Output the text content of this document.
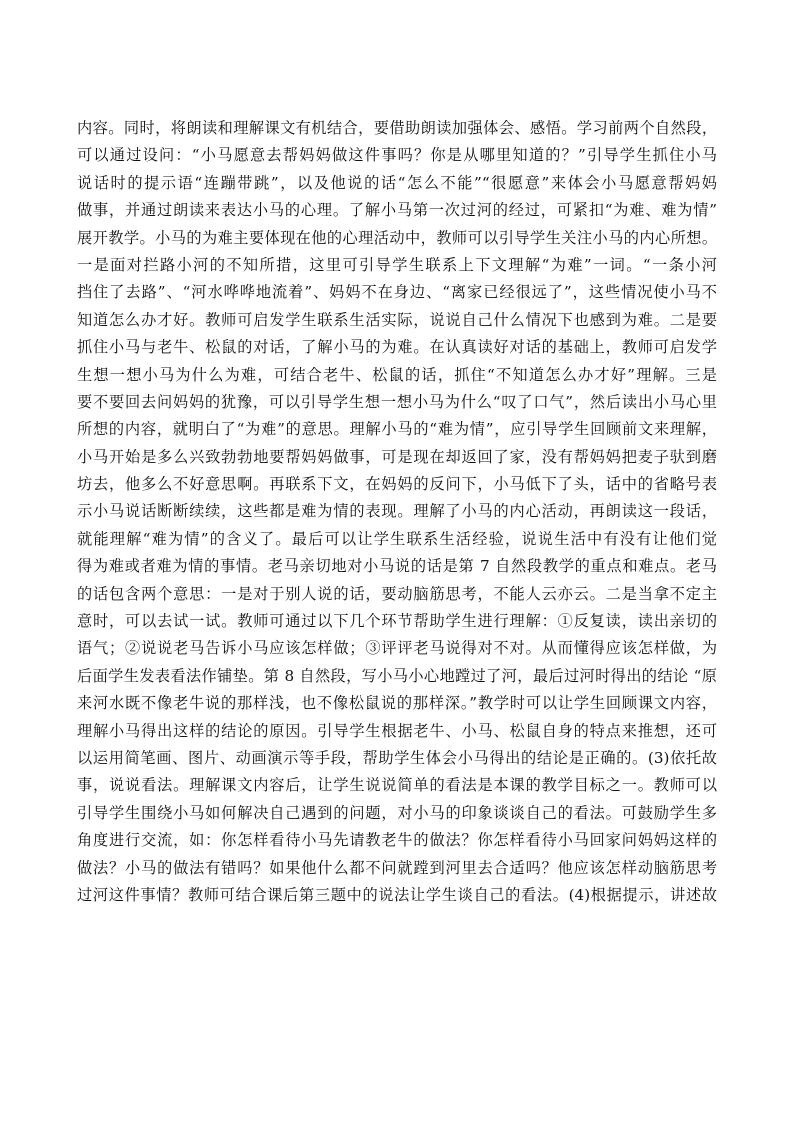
内容。同时，将朗读和理解课文有机结合，要借助朗读加强体会、感悟。学习前两个自然段，
可以通过设问：“小马愿意去帮妈妈做这件事吗？你是从哪里知道的？”引导学生抓住小马
说话时的提示语“连蹦带跳”，以及他说的话“怎么不能”“很愿意”来体会小马愿意帮妈妈
做事，并通过朗读来表达小马的心理。了解小马第一次过河的经过，可紧扣“为难、难为情”
展开教学。小马的为难主要体现在他的心理活动中，教师可以引导学生关注小马的内心所想。
一是面对拦路小河的不知所措，这里可引导学生联系上下文理解“为难”一词。“一条小河
挡住了去路”、“河水哗哗地流着”、妈妈不在身边、“离家已经很远了”，这些情况使小马不
知道怎么办才好。教师可启发学生联系生活实际，说说自己什么情况下也感到为难。二是要
抓住小马与老牛、松鼠的对话，了解小马的为难。在认真读好对话的基础上，教师可启发学
生想一想小马为什么为难，可结合老牛、松鼠的话，抓住“不知道怎么办才好”理解。三是
要不要回去问妈妈的犹豫，可以引导学生想一想小马为什么“叹了口气”，然后读出小马心里
所想的内容，就明白了“为难”的意思。理解小马的“难为情”，应引导学生回顾前文来理解，
小马开始是多么兴致勃勃地要帮妈妈做事，可是现在却返回了家，没有帮妈妈把麦子驮到磨
坊去，他多么不好意思啊。再联系下文，在妈妈的反问下，小马低下了头，话中的省略号表
示小马说话断断续续，这些都是难为情的表现。理解了小马的内心活动，再朗读这一段话，
就能理解“难为情”的含义了。最后可以让学生联系生活经验，说说生活中有没有让他们觉
得为难或者难为情的事情。老马亲切地对小马说的话是第 7 自然段教学的重点和难点。老马
的话包含两个意思：一是对于别人说的话，要动脑筋思考，不能人云亦云。二是当拿不定主
意时，可以去试一试。教师可通过以下几个环节帮助学生进行理解：①反复读，读出亲切的
语气；②说说老马告诉小马应该怎样做；③评评老马说得对不对。从而懂得应该怎样做，为
后面学生发表看法作铺垫。第 8 自然段，写小马小心地蹚过了河，最后过河时得出的结论 “原
来河水既不像老牛说的那样浅，也不像松鼠说的那样深。”教学时可以让学生回顾课文内容，
理解小马得出这样的结论的原因。引导学生根据老牛、小马、松鼠自身的特点来推想，还可
以运用简笔画、图片、动画演示等手段，帮助学生体会小马得出的结论是正确的。(3)依托故
事，说说看法。理解课文内容后，让学生说说简单的看法是本课的教学目标之一。教师可以
引导学生围绕小马如何解决自己遇到的问题，对小马的印象谈谈自己的看法。可鼓励学生多
角度进行交流，如：你怎样看待小马先请教老牛的做法？你怎样看待小马回家问妈妈这样的
做法？小马的做法有错吗？如果他什么都不问就蹚到河里去合适吗？他应该怎样动脑筋思考
过河这件事情？教师可结合课后第三题中的说法让学生谈自己的看法。(4)根据提示，讲述故
